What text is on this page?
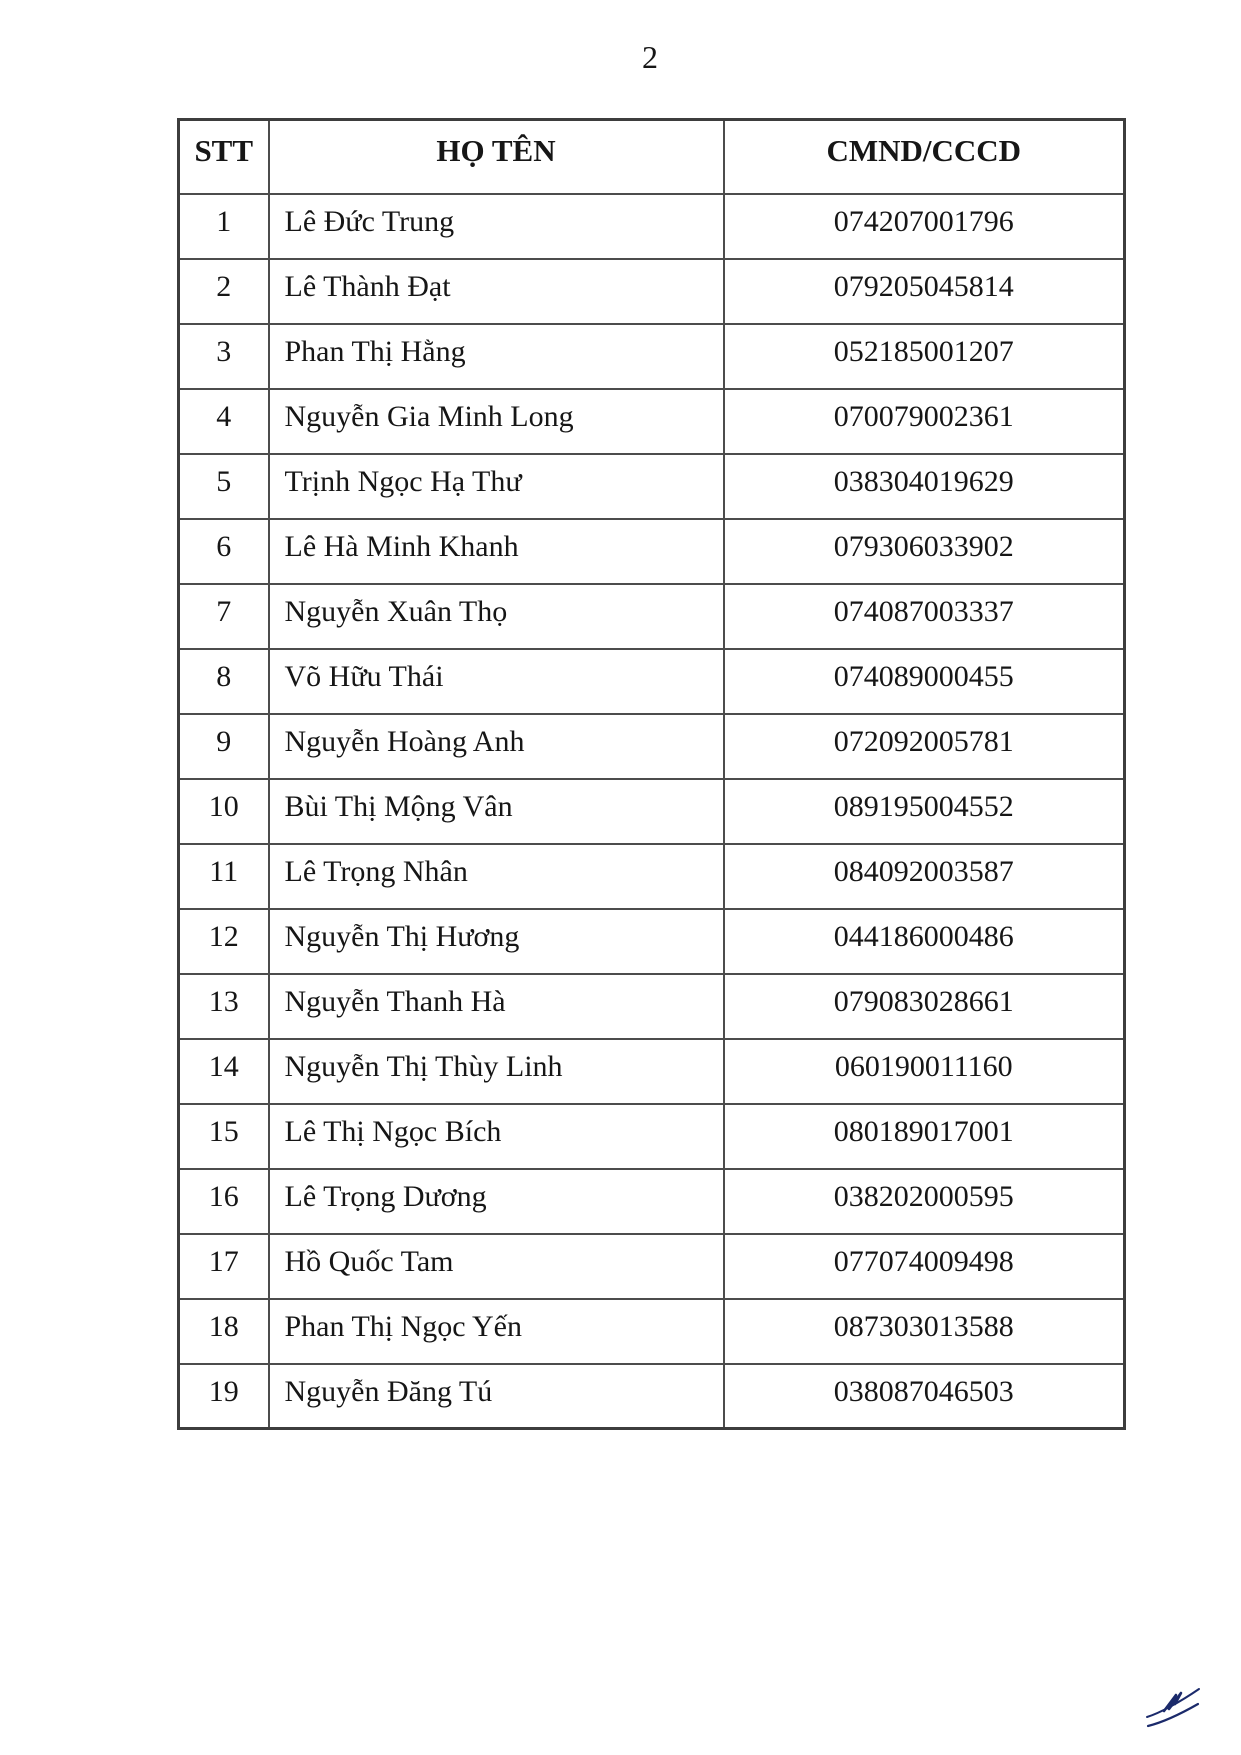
2
STT	HỌ TÊN	CMND/CCCD
1	Lê Đức Trung	074207001796
2	Lê Thành Đạt	079205045814
3	Phan Thị Hằng	052185001207
4	Nguyễn Gia Minh Long	070079002361
5	Trịnh Ngọc Hạ Thư	038304019629
6	Lê Hà Minh Khanh	079306033902
7	Nguyễn Xuân Thọ	074087003337
8	Võ Hữu Thái	074089000455
9	Nguyễn Hoàng Anh	072092005781
10	Bùi Thị Mộng Vân	089195004552
11	Lê Trọng Nhân	084092003587
12	Nguyễn Thị Hương	044186000486
13	Nguyễn Thanh Hà	079083028661
14	Nguyễn Thị Thùy Linh	060190011160
15	Lê Thị Ngọc Bích	080189017001
16	Lê Trọng Dương	038202000595
17	Hồ Quốc Tam	077074009498
18	Phan Thị Ngọc Yến	087303013588
19	Nguyễn Đăng Tú	038087046503
